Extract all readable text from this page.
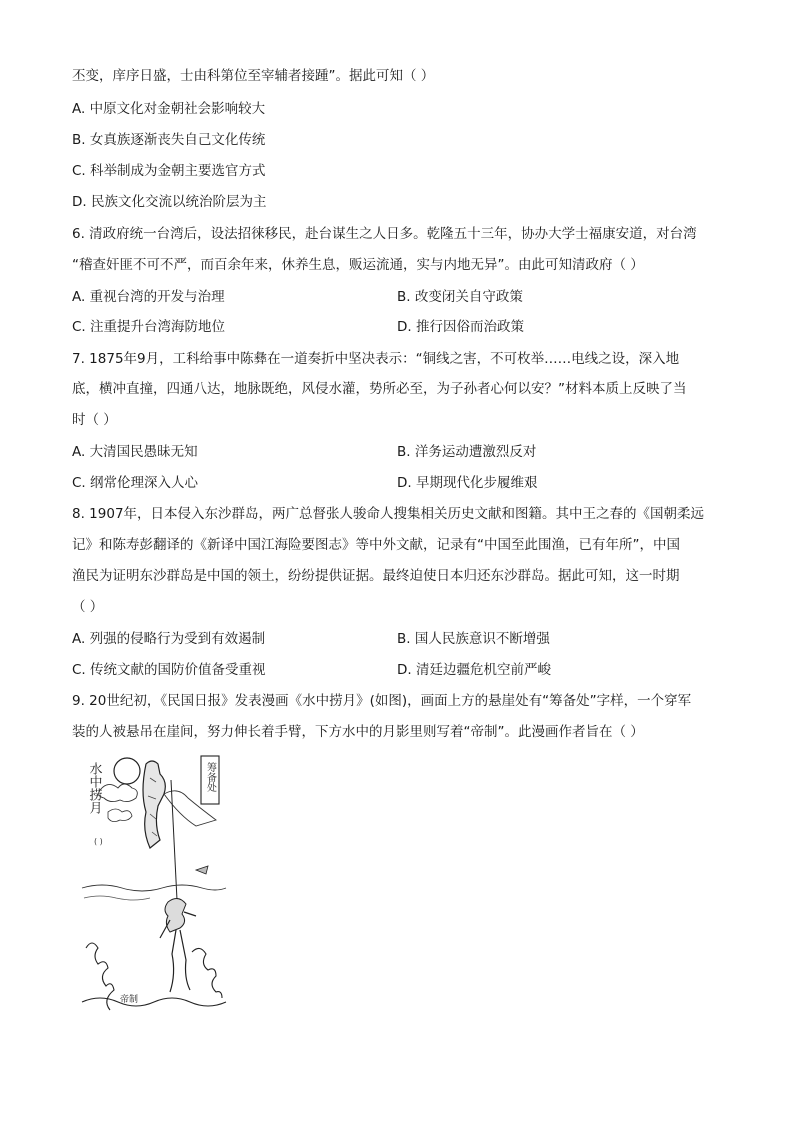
丕变，庠序日盛，士由科第位至宰辅者接踵”。据此可知（ ）
A. 中原文化对金朝社会影响较大
B. 女真族逐渐丧失自己文化传统
C. 科举制成为金朝主要选官方式
D. 民族文化交流以统治阶层为主
6. 清政府统一台湾后，设法招徕移民，赴台谋生之人日多。乾隆五十三年，协办大学士福康安道，对台湾
“稽查奸匪不可不严，而百余年来，休养生息，贩运流通，实与内地无异”。由此可知清政府（ ）
A. 重视台湾的开发与治理	B. 改变闭关自守政策
C. 注重提升台湾海防地位	D. 推行因俗而治政策
7. 1875年9月，工科给事中陈彝在一道奏折中坚决表示：“铜线之害，不可枚举……电线之设，深入地
底，横冲直撞，四通八达，地脉既绝，风侵水灌，势所必至，为子孙者心何以安？”材料本质上反映了当
时（ ）
A. 大清国民愚昧无知	B. 洋务运动遭激烈反对
C. 纲常伦理深入人心	D. 早期现代化步履维艰
8. 1907年，日本侵入东沙群岛，两广总督张人骏命人搜集相关历史文献和图籍。其中王之春的《国朝柔远
记》和陈寿彭翻译的《新译中国江海险要图志》等中外文献，记录有“中国至此围渔，已有年所”，中国
渔民为证明东沙群岛是中国的领土，纷纷提供证据。最终迫使日本归还东沙群岛。据此可知，这一时期
（ ）
A. 列强的侵略行为受到有效遏制	B. 国人民族意识不断增强
C. 传统文献的国防价值备受重视	D. 清廷边疆危机空前严峻
9. 20世纪初，《民国日报》发表漫画《水中捞月》(如图)，画面上方的悬崖处有“筹备处”字样，一个穿军
装的人被悬吊在崖间，努力伸长着手臂，下方水中的月影里则写着“帝制”。此漫画作者旨在（ ）
水中捞月
( )
筹备处
帝制
